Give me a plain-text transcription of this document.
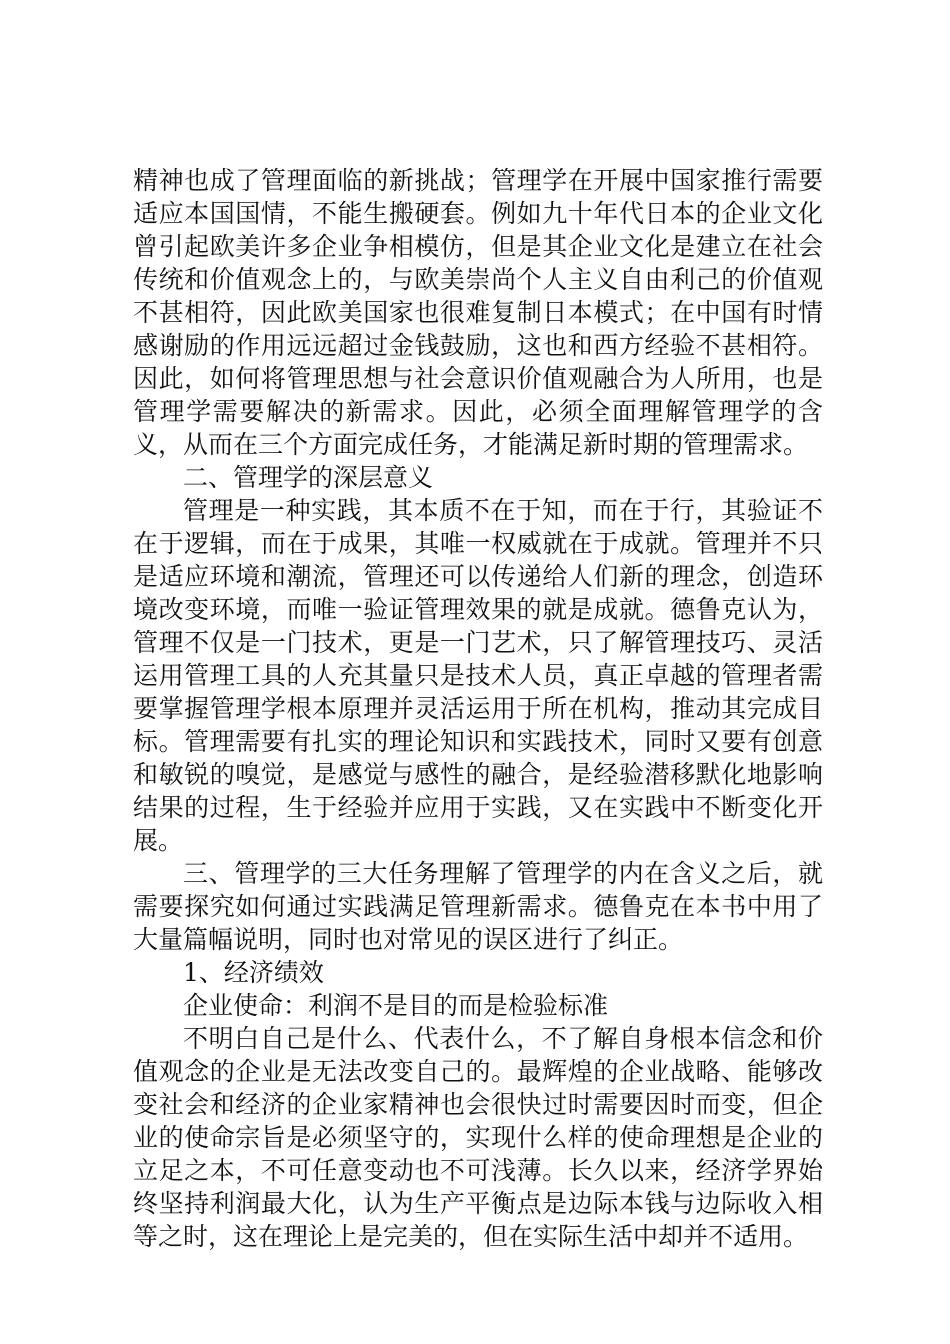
精神也成了管理面临的新挑战；管理学在开展中国家推行需要适应本国国情，不能生搬硬套。例如九十年代日本的企业文化曾引起欧美许多企业争相模仿，但是其企业文化是建立在社会传统和价值观念上的，与欧美崇尚个人主义自由利己的价值观不甚相符，因此欧美国家也很难复制日本模式；在中国有时情感谢励的作用远远超过金钱鼓励，这也和西方经验不甚相符。因此，如何将管理思想与社会意识价值观融合为人所用，也是管理学需要解决的新需求。因此，必须全面理解管理学的含义，从而在三个方面完成任务，才能满足新时期的管理需求。

二、管理学的深层意义

管理是一种实践，其本质不在于知，而在于行，其验证不在于逻辑，而在于成果，其唯一权威就在于成就。管理并不只是适应环境和潮流，管理还可以传递给人们新的理念，创造环境改变环境，而唯一验证管理效果的就是成就。德鲁克认为，管理不仅是一门技术，更是一门艺术，只了解管理技巧、灵活运用管理工具的人充其量只是技术人员，真正卓越的管理者需要掌握管理学根本原理并灵活运用于所在机构，推动其完成目标。管理需要有扎实的理论知识和实践技术，同时又要有创意和敏锐的嗅觉，是感觉与感性的融合，是经验潜移默化地影响结果的过程，生于经验并应用于实践，又在实践中不断变化开展。

三、管理学的三大任务理解了管理学的内在含义之后，就需要探究如何通过实践满足管理新需求。德鲁克在本书中用了大量篇幅说明，同时也对常见的误区进行了纠正。

1、经济绩效

企业使命：利润不是目的而是检验标准

不明白自己是什么、代表什么，不了解自身根本信念和价值观念的企业是无法改变自己的。最辉煌的企业战略、能够改变社会和经济的企业家精神也会很快过时需要因时而变，但企业的使命宗旨是必须坚守的，实现什么样的使命理想是企业的立足之本，不可任意变动也不可浅薄。长久以来，经济学界始终坚持利润最大化，认为生产平衡点是边际本钱与边际收入相等之时，这在理论上是完美的，但在实际生活中却并不适用。
